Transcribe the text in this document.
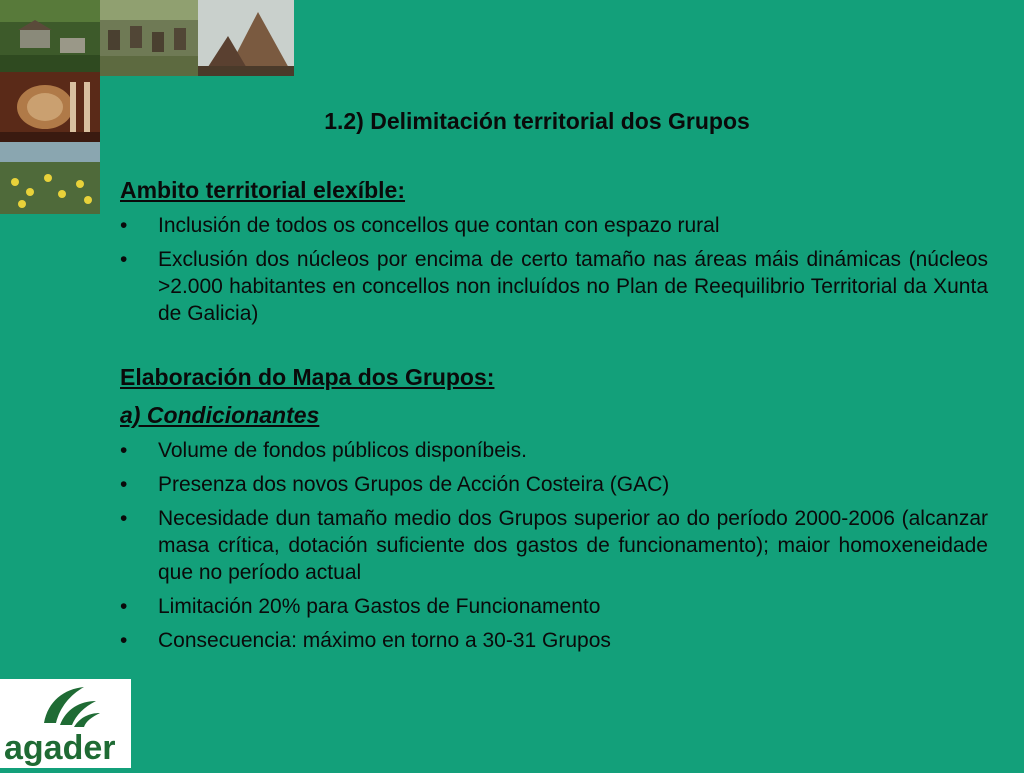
1.2) Delimitación territorial dos Grupos
Ambito territorial elexíble:
• Inclusión de todos os concellos que contan con espazo rural
• Exclusión dos núcleos por encima de certo tamaño nas áreas máis dinámicas (núcleos >2.000 habitantes en concellos non incluídos no Plan de Reequilibrio Territorial da Xunta de Galicia)
Elaboración do Mapa dos Grupos:
a) Condicionantes
• Volume de fondos públicos disponíbeis.
• Presenza dos novos Grupos de Acción Costeira (GAC)
• Necesidade dun tamaño medio dos Grupos superior ao do período 2000-2006 (alcanzar masa crítica, dotación suficiente dos gastos de funcionamento); maior homoxeneidade que no período actual
• Limitación 20% para Gastos de Funcionamento
• Consecuencia: máximo en torno a 30-31 Grupos
agader
